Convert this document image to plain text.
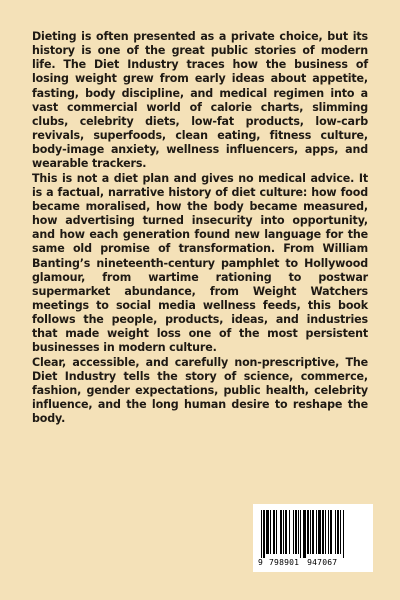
Dieting is often presented as a private choice, but its history is one of the great public stories of modern life. The Diet Industry traces how the business of losing weight grew from early ideas about appetite, fasting, body discipline, and medical regimen into a vast commercial world of calorie charts, slimming clubs, celebrity diets, low-fat products, low-carb revivals, superfoods, clean eating, fitness culture, body-image anxiety, wellness influencers, apps, and wearable trackers.

This is not a diet plan and gives no medical advice. It is a factual, narrative history of diet culture: how food became moralised, how the body became measured, how advertising turned insecurity into opportunity, and how each generation found new language for the same old promise of transformation. From William Banting’s nineteenth-century pamphlet to Hollywood glamour, from wartime rationing to postwar supermarket abundance, from Weight Watchers meetings to social media wellness feeds, this book follows the people, products, ideas, and industries that made weight loss one of the most persistent businesses in modern culture.

Clear, accessible, and carefully non-prescriptive, The Diet Industry tells the story of science, commerce, fashion, gender expectations, public health, celebrity influence, and the long human desire to reshape the body.

9 798901 947067
